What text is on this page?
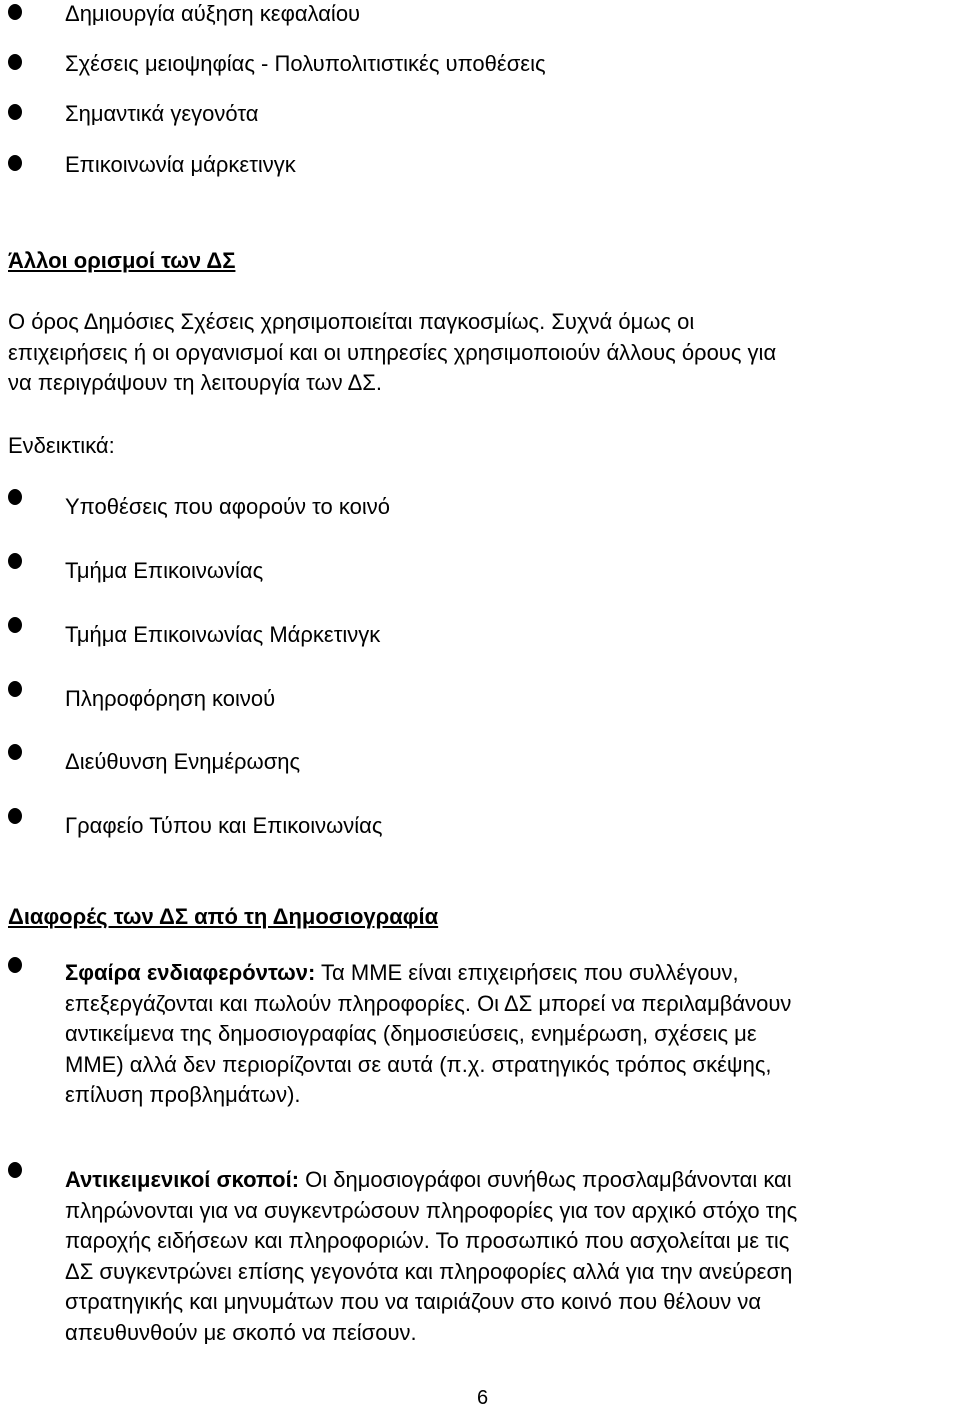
Δημιουργία αύξηση κεφαλαίου
Σχέσεις μειοψηφίας - Πολυπολιτιστικές υποθέσεις
Σημαντικά γεγονότα
Επικοινωνία μάρκετινγκ
Άλλοι ορισμοί των ΔΣ
Ο όρος Δημόσιες Σχέσεις χρησιμοποιείται παγκοσμίως. Συχνά όμως οι
επιχειρήσεις ή οι οργανισμοί και οι υπηρεσίες χρησιμοποιούν άλλους όρους για
να περιγράψουν τη λειτουργία των ΔΣ.
Ενδεικτικά:
Υποθέσεις που αφορούν το κοινό
Τμήμα Επικοινωνίας
Τμήμα Επικοινωνίας Μάρκετινγκ
Πληροφόρηση κοινού
Διεύθυνση Ενημέρωσης
Γραφείο Τύπου και Επικοινωνίας
Διαφορές των ΔΣ από τη Δημοσιογραφία
Σφαίρα ενδιαφερόντων: Τα ΜΜΕ είναι επιχειρήσεις που συλλέγουν,
επεξεργάζονται και πωλούν πληροφορίες. Οι ΔΣ μπορεί να περιλαμβάνουν
αντικείμενα της δημοσιογραφίας (δημοσιεύσεις, ενημέρωση, σχέσεις με
ΜΜΕ) αλλά δεν περιορίζονται σε αυτά (π.χ. στρατηγικός τρόπος σκέψης,
επίλυση προβλημάτων).
Αντικειμενικοί σκοποί: Οι δημοσιογράφοι συνήθως προσλαμβάνονται και
πληρώνονται για να συγκεντρώσουν πληροφορίες για τον αρχικό στόχο της
παροχής ειδήσεων και πληροφοριών. Το προσωπικό που ασχολείται με τις
ΔΣ συγκεντρώνει επίσης γεγονότα και πληροφορίες αλλά για την ανεύρεση
στρατηγικής και μηνυμάτων που να ταιριάζουν στο κοινό που θέλουν να
απευθυνθούν με σκοπό να πείσουν.
6
